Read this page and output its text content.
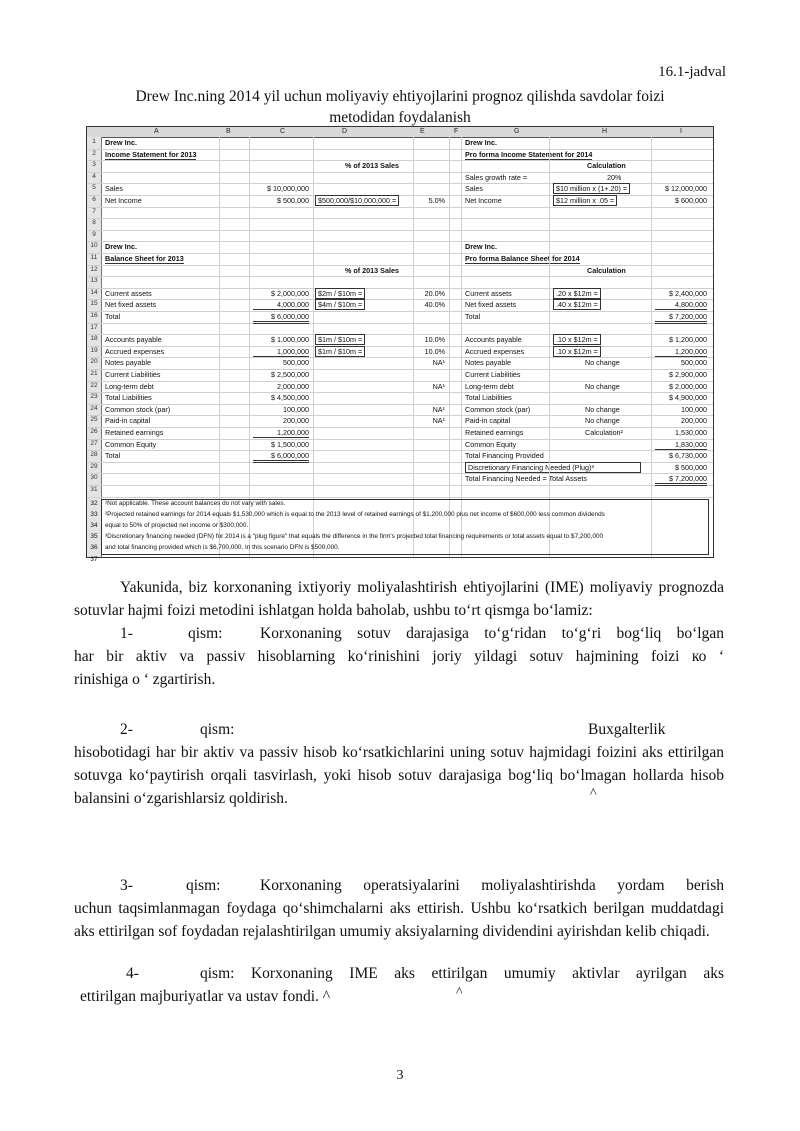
16.1-jadval
Drew Inc.ning 2014 yil uchun moliyaviy ehtiyojlarini prognoz qilishda savdolar foizi
metodidan foydalanish
A	B	C	D	E	F	G	H	I
1	Drew Inc.	Drew Inc.
2	Income Statement for 2013	Pro forma Income Statement for 2014
3	% of 2013 Sales	Calculation
4	Sales growth rate =	20%
5	Sales	$ 10,000,000	Sales	$10 million x (1+.20) =	$ 12,000,000
6	Net Income	$ 500,000	$500,000/$10,000,000 =	5.0%	Net Income	$12 million x .05 =	$ 600,000
7
8
9
10	Drew Inc.	Drew Inc.
11	Balance Sheet for 2013	Pro forma Balance Sheet for 2014
12	% of 2013 Sales	Calculation
13
14	Current assets	$ 2,000,000	$2m / $10m =	20.0%	Current assets	.20 x $12m =	$ 2,400,000
15	Net fixed assets	4,000,000	$4m / $10m =	40.0%	Net fixed assets	.40 x $12m =	4,800,000
16	Total	$ 6,000,000	Total	$ 7,200,000
17
18	Accounts payable	$ 1,000,000	$1m / $10m =	10.0%	Accounts payable	.10 x $12m =	$ 1,200,000
19	Accrued expenses	1,000,000	$1m / $10m =	10.0%	Accrued expenses	.10 x $12m =	1,200,000
20	Notes payable	500,000	NA¹	Notes payable	No change	500,000
21	Current Liabilities	$ 2,500,000	Current Liabilities	$ 2,900,000
22	Long-term debt	2,000,000	NA¹	Long-term debt	No change	$ 2,000,000
23	Total Liabilities	$ 4,500,000	Total Liabilities	$ 4,900,000
24	Common stock (par)	100,000	NA¹	Common stock (par)	No change	100,000
25	Paid-in capital	200,000	NA¹	Paid-in capital	No change	200,000
26	Retained earnings	1,200,000	Retained earnings	Calculation²	1,530,000
27	Common Equity	$ 1,500,000	Common Equity	1,830,000
28	Total	$ 6,000,000	Total Financing Provided	$ 6,730,000
29	Discretionary Financing Needed (Plug)³	$ 500,000
30	Total Financing Needed = Total Assets	$ 7,200,000
31
32	¹Not applicable. These account balances do not vary with sales.
33	²Projected retained earnings for 2014 equals $1,530,000 which is equal to the 2013 level of retained earnings of $1,200,000 plus net income of $600,000 less common dividends
34	equal to 50% of projected net income or $300,000.
35	³Discretionary financing needed (DFN) for 2014 is a "plug figure" that equals the difference in the firm's projected total financing requirements or total assets equal to $7,200,000
36	and total financing provided which is $6,700,000. In this scenario DFN is $500,000.
37
Yakunida, biz korxonaning ixtiyoriy moliyalashtirish ehtiyojlarini (IME) moliyaviy prognozda sotuvlar hajmi foizi metodini ishlatgan holda baholab, ushbu to‘rt qismga bo‘lamiz:
1-	qism:	Korxonaning sotuv darajasiga to‘g‘ridan to‘g‘ri bog‘liq bo‘lgan
har bir aktiv va passiv hisoblarning ko‘rinishini joriy yildagi sotuv hajmining foizi ко ‘
rinishiga o ‘ zgartirish.
2-	qism:	Buxgalterlik
hisobotidagi har bir aktiv va passiv hisob ko‘rsatkichlarini uning sotuv hajmidagi foizini aks ettirilgan sotuvga ko‘paytirish orqali tasvirlash, yoki hisob sotuv darajasiga bog‘liq bo‘lmagan hollarda hisob balansini o‘zgarishlarsiz qoldirish.	^
3-	qism:	Korxonaning operatsiyalarini moliyalashtirishda yordam berish
uchun taqsimlanmagan foydaga qo‘shimchalarni aks ettirish. Ushbu ko‘rsatkich berilgan muddatdagi aks ettirilgan sof foydadan rejalashtirilgan umumiy aksiyalarning dividendini ayirishdan kelib chiqadi.
4-	qism: Korxonaning IME aks ettirilgan umumiy aktivlar ayrilgan aks
ettirilgan majburiyatlar va ustav fondi. ^	^
3
